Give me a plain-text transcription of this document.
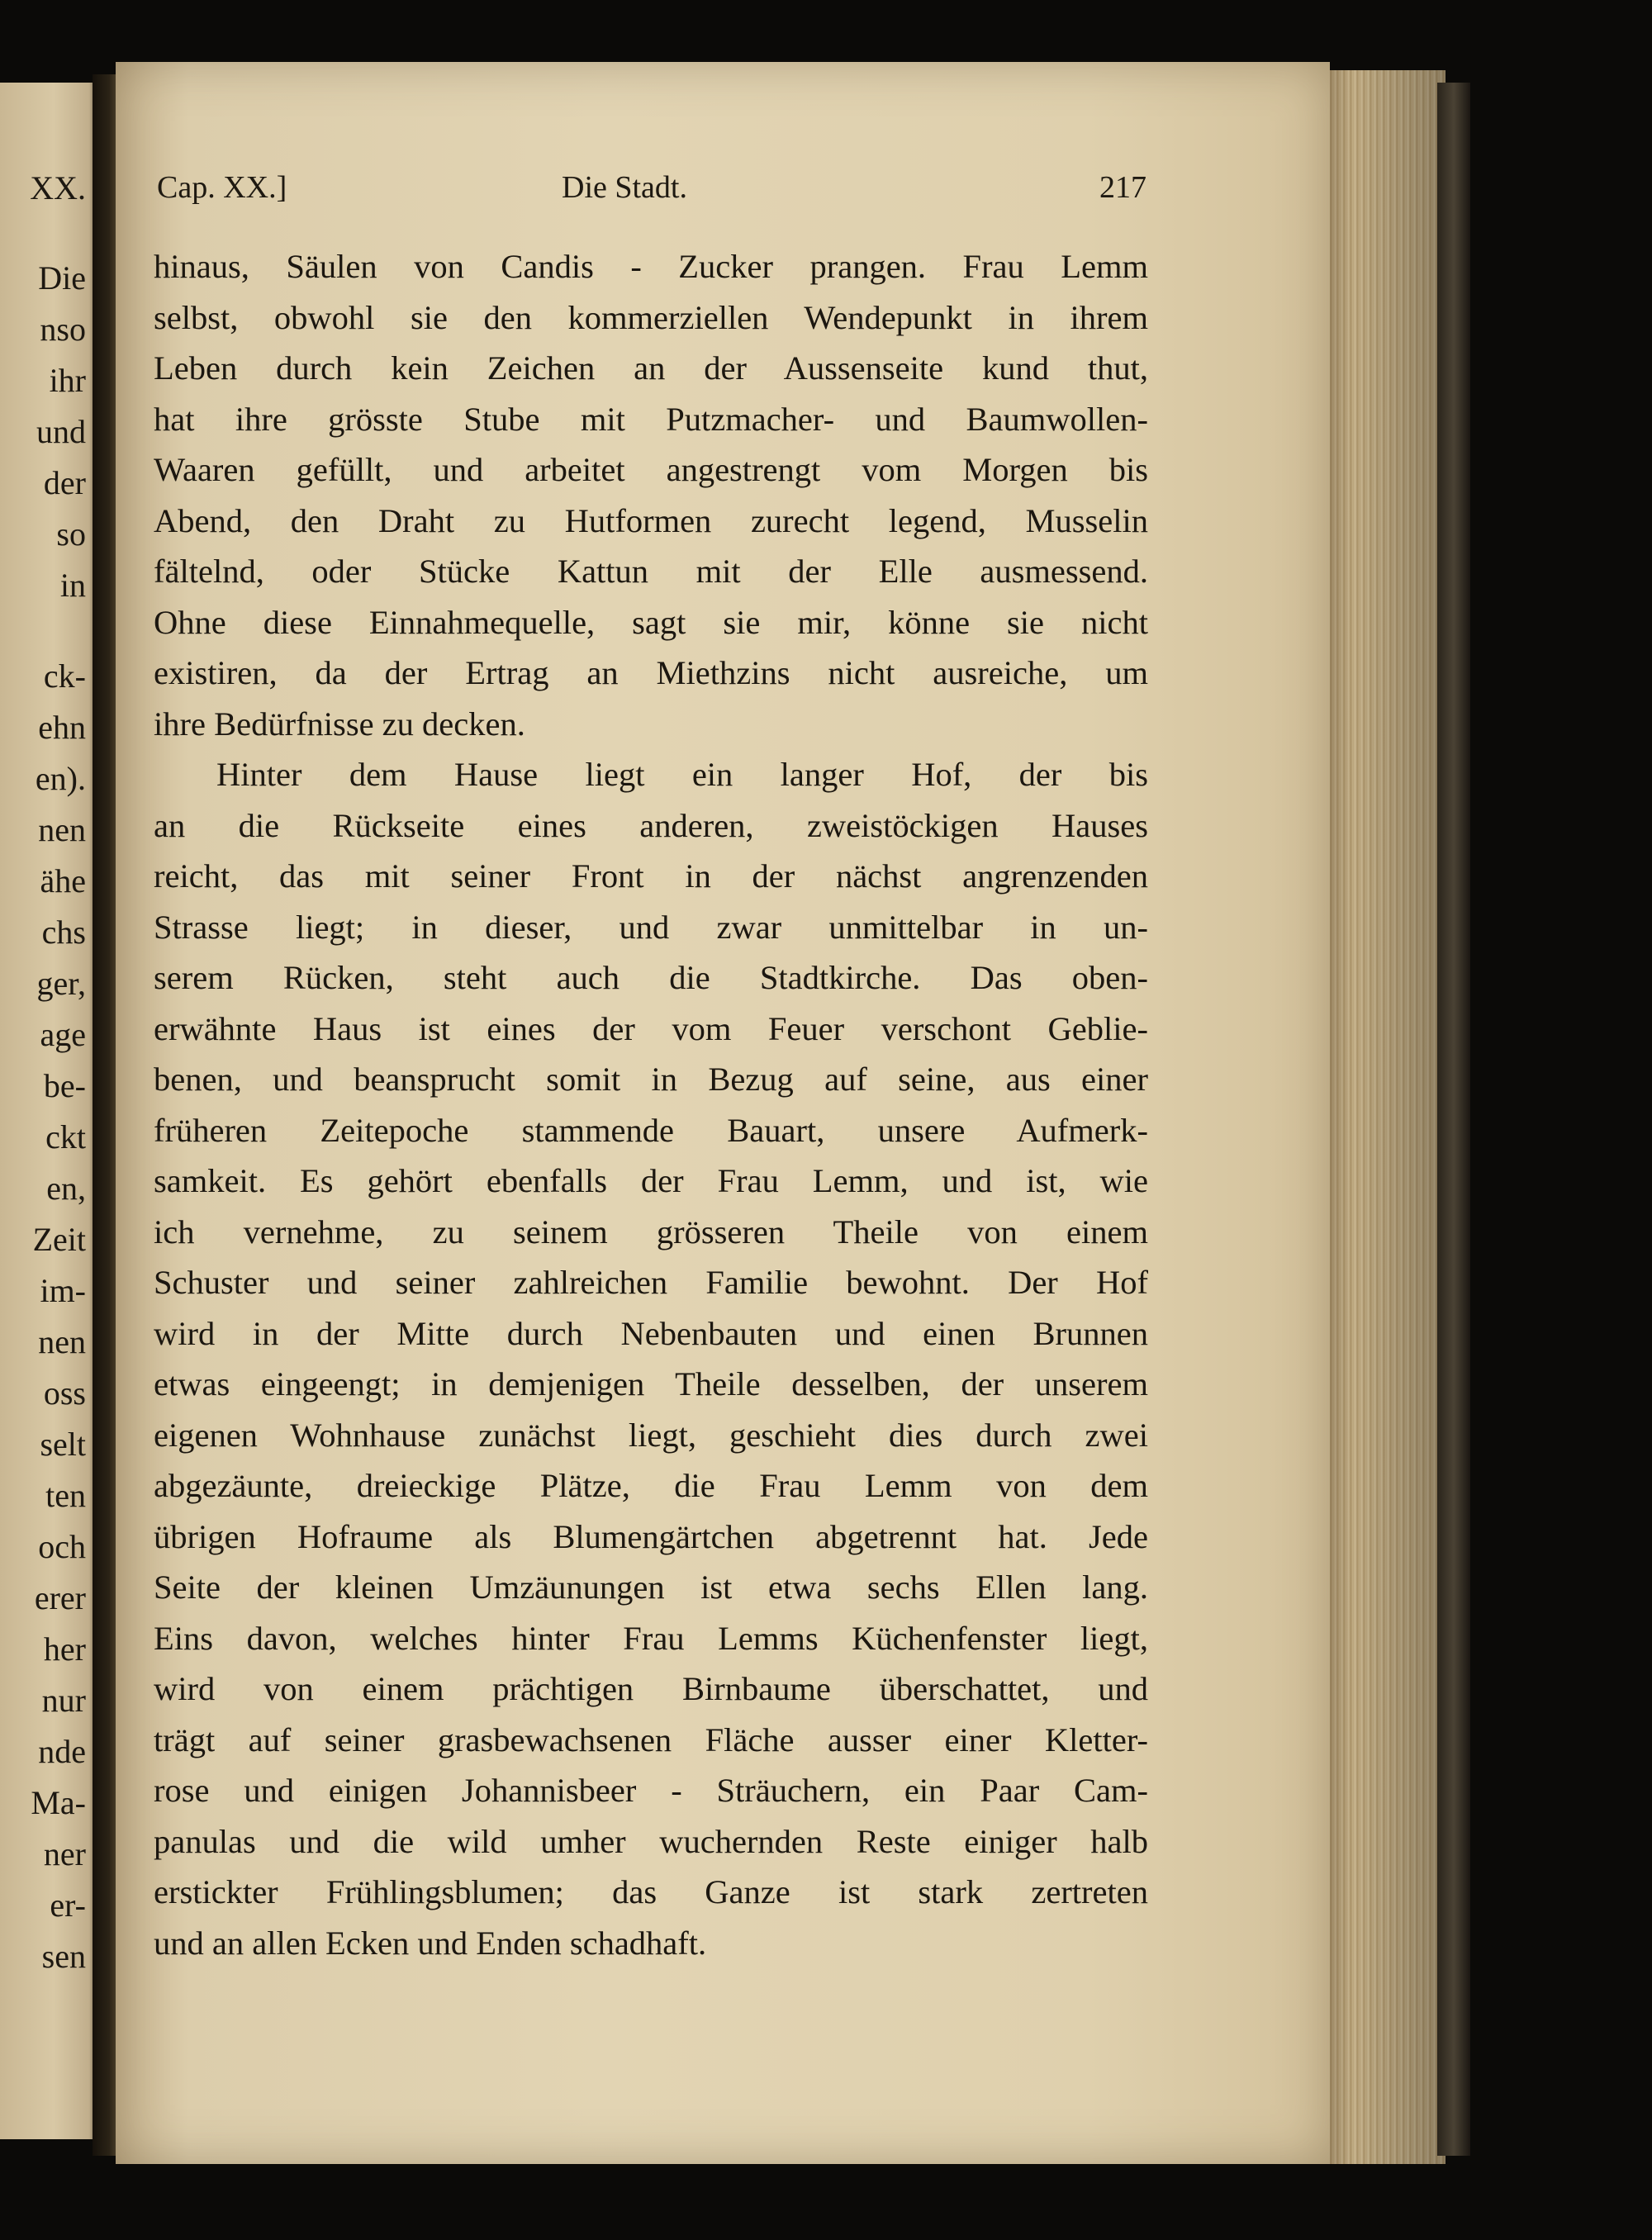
XX.
Die
nso
ihr
und
der
so
in
ck-
ehn
en).
nen
ähe
chs
ger,
age
be-
ckt
en,
Zeit
im-
nen
oss
selt
ten
och
erer
her
nur
nde
Ma-
ner
er-
sen
Cap. XX.]	Die Stadt.	217
hinaus, Säulen von Candis - Zucker prangen. Frau Lemm
selbst, obwohl sie den kommerziellen Wendepunkt in ihrem
Leben durch kein Zeichen an der Aussenseite kund thut,
hat ihre grösste Stube mit Putzmacher- und Baumwollen-
Waaren gefüllt, und arbeitet angestrengt vom Morgen bis
Abend, den Draht zu Hutformen zurecht legend, Musselin
fältelnd, oder Stücke Kattun mit der Elle ausmessend.
Ohne diese Einnahmequelle, sagt sie mir, könne sie nicht
existiren, da der Ertrag an Miethzins nicht ausreiche, um
ihre Bedürfnisse zu decken.
Hinter dem Hause liegt ein langer Hof, der bis
an die Rückseite eines anderen, zweistöckigen Hauses
reicht, das mit seiner Front in der nächst angrenzenden
Strasse liegt; in dieser, und zwar unmittelbar in un-
serem Rücken, steht auch die Stadtkirche. Das oben-
erwähnte Haus ist eines der vom Feuer verschont Geblie-
benen, und beansprucht somit in Bezug auf seine, aus einer
früheren Zeitepoche stammende Bauart, unsere Aufmerk-
samkeit. Es gehört ebenfalls der Frau Lemm, und ist, wie
ich vernehme, zu seinem grösseren Theile von einem
Schuster und seiner zahlreichen Familie bewohnt. Der Hof
wird in der Mitte durch Nebenbauten und einen Brunnen
etwas eingeengt; in demjenigen Theile desselben, der unserem
eigenen Wohnhause zunächst liegt, geschieht dies durch zwei
abgezäunte, dreieckige Plätze, die Frau Lemm von dem
übrigen Hofraume als Blumengärtchen abgetrennt hat. Jede
Seite der kleinen Umzäunungen ist etwa sechs Ellen lang.
Eins davon, welches hinter Frau Lemms Küchenfenster liegt,
wird von einem prächtigen Birnbaume überschattet, und
trägt auf seiner grasbewachsenen Fläche ausser einer Kletter-
rose und einigen Johannisbeer - Sträuchern, ein Paar Cam-
panulas und die wild umher wuchernden Reste einiger halb
erstickter Frühlingsblumen; das Ganze ist stark zertreten
und an allen Ecken und Enden schadhaft.
